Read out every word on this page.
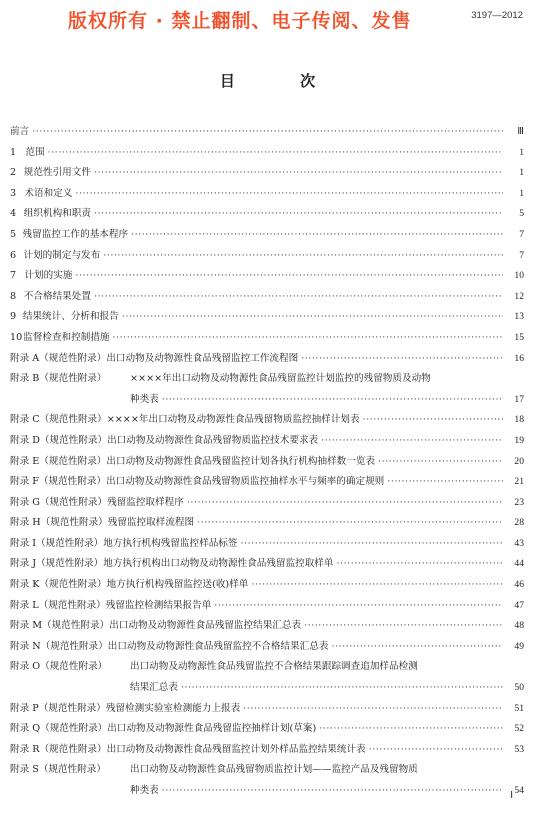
版权所有 · 禁止翻制、电子传阅、发售	3197—2012
目 次
前言 ·····	Ⅲ
1 范围 ·····	1
2 规范性引用文件 ·····	1
3 术语和定义 ·····	1
4 组织机构和职责 ·····	5
5 残留监控工作的基本程序 ·····	7
6 计划的制定与发布 ·····	7
7 计划的实施 ·····	10
8 不合格结果处置 ·····	12
9 结果统计、分析和报告 ·····	13
10 监督检查和控制措施 ·····	15
附录 A（规范性附录） 出口动物及动物源性食品残留监控工作流程图 ·····	16
附录 B（规范性附录）	××××年出口动物及动物源性食品残留监控计划监控的残留物质及动物
种类表 ·····	17
附录 C（规范性附录） ××××年出口动物及动物源性食品残留物质监控抽样计划表 ·····	18
附录 D（规范性附录） 出口动物及动物源性食品残留物质监控技术要求表 ·····	19
附录 E（规范性附录） 出口动物及动物源性食品残留监控计划各执行机构抽样数一览表 ·····	20
附录 F（规范性附录） 出口动物及动物源性食品残留物质监控抽样水平与频率的确定规则 ·····	21
附录 G（规范性附录） 残留监控取样程序 ·····	23
附录 H（规范性附录） 残留监控取样流程图 ·····	28
附录 I（规范性附录） 地方执行机构残留监控样品标签 ·····	43
附录 J（规范性附录） 地方执行机构出口动物及动物源性食品残留监控取样单 ·····	44
附录 K（规范性附录） 地方执行机构残留监控送(收)样单 ·····	46
附录 L（规范性附录） 残留监控检测结果报告单 ·····	47
附录 M（规范性附录） 出口动物及动物源性食品残留监控结果汇总表 ·····	48
附录 N（规范性附录） 出口动物及动物源性食品残留监控不合格结果汇总表 ·····	49
附录 O（规范性附录）	出口动物及动物源性食品残留监控不合格结果跟踪调查追加样品检测
结果汇总表 ·····	50
附录 P（规范性附录） 残留检测实验室检测能力上报表 ·····	51
附录 Q（规范性附录） 出口动物及动物源性食品残留监控抽样计划(草案) ·····	52
附录 R（规范性附录） 出口动物及动物源性食品残留监控计划外样品监控结果统计表 ·····	53
附录 S（规范性附录）	出口动物及动物源性食品残留物质监控计划——监控产品及残留物质
种类表 ·····	54
Ⅰ
